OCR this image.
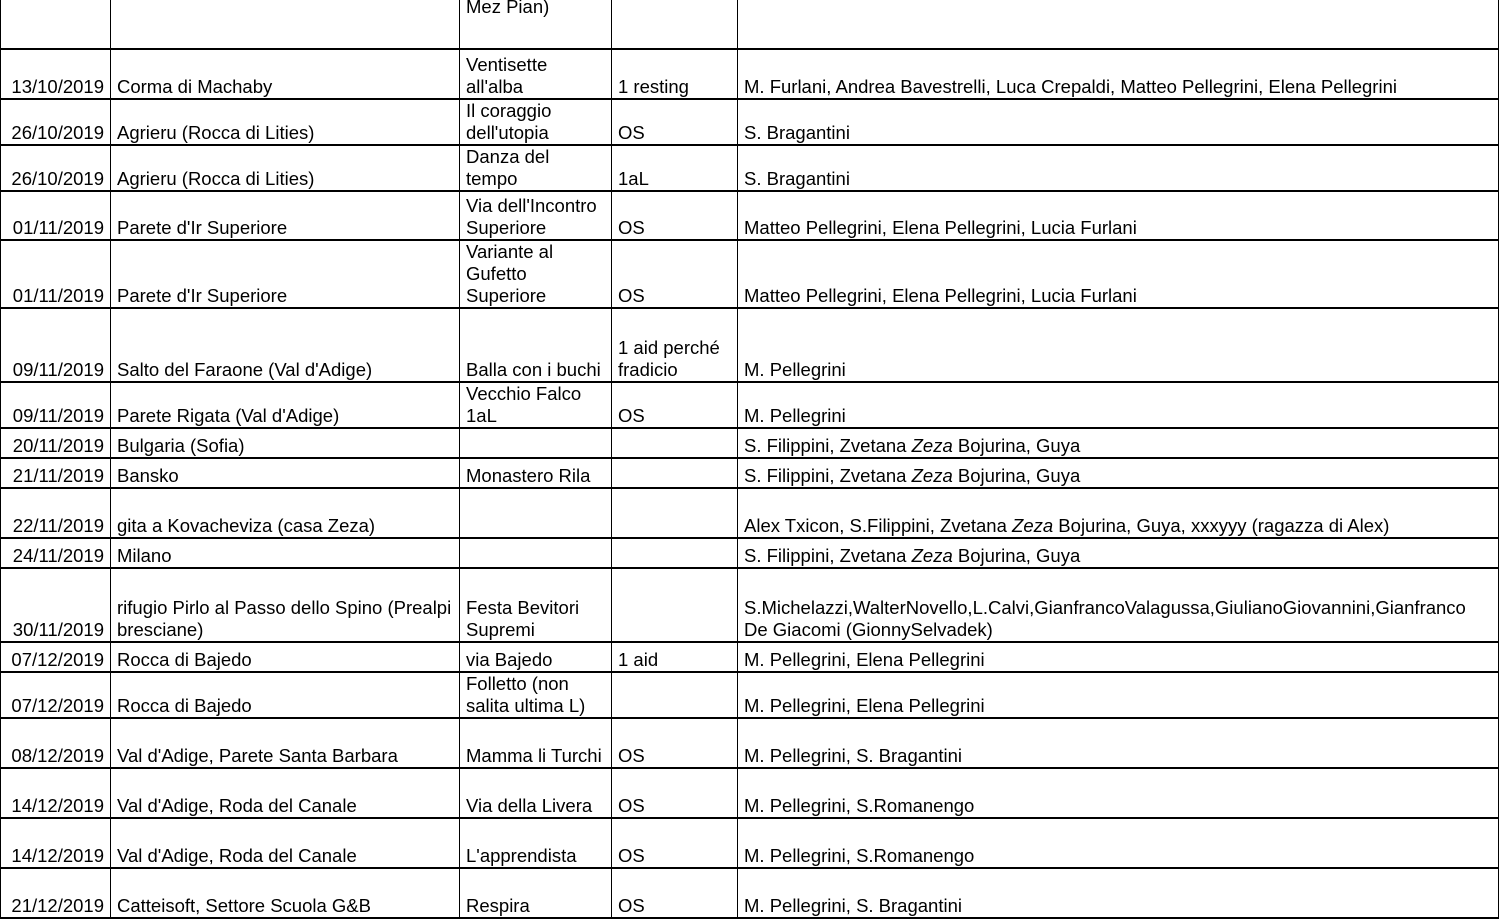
		Mez Pian)		
13/10/2019	Corma di Machaby	Ventisette all'alba	1 resting	M. Furlani, Andrea Bavestrelli, Luca Crepaldi, Matteo Pellegrini, Elena Pellegrini
26/10/2019	Agrieru (Rocca di Lities)	Il coraggio dell'utopia	OS	S. Bragantini
26/10/2019	Agrieru (Rocca di Lities)	Danza del tempo	1aL	S. Bragantini
01/11/2019	Parete d'Ir Superiore	Via dell'Incontro Superiore	OS	Matteo Pellegrini, Elena Pellegrini, Lucia Furlani
01/11/2019	Parete d'Ir Superiore	Variante al Gufetto Superiore	OS	Matteo Pellegrini, Elena Pellegrini, Lucia Furlani
09/11/2019	Salto del Faraone (Val d'Adige)	Balla con i buchi	1 aid perché fradicio	M. Pellegrini
09/11/2019	Parete Rigata (Val d'Adige)	Vecchio Falco 1aL	OS	M. Pellegrini
20/11/2019	Bulgaria (Sofia)			S. Filippini, Zvetana Zeza Bojurina, Guya
21/11/2019	Bansko	Monastero Rila		S. Filippini, Zvetana Zeza Bojurina, Guya
22/11/2019	gita a Kovacheviza (casa Zeza)			Alex Txicon, S.Filippini, Zvetana Zeza Bojurina, Guya, xxxyyy (ragazza di Alex)
24/11/2019	Milano			S. Filippini, Zvetana Zeza Bojurina, Guya
30/11/2019	rifugio Pirlo al Passo dello Spino (Prealpi bresciane)	Festa Bevitori Supremi		S.Michelazzi,WalterNovello,L.Calvi,GianfrancoValagussa,GiulianoGiovannini,Gianfranco
De Giacomi (GionnySelvadek)

07/12/2019	Rocca di Bajedo	via Bajedo	1 aid	M. Pellegrini, Elena Pellegrini
07/12/2019	Rocca di Bajedo	Folletto (non salita ultima L)		M. Pellegrini, Elena Pellegrini
08/12/2019	Val d'Adige, Parete Santa Barbara	Mamma li Turchi	OS	M. Pellegrini, S. Bragantini
14/12/2019	Val d'Adige, Roda del Canale	Via della Livera	OS	M. Pellegrini, S.Romanengo
14/12/2019	Val d'Adige, Roda del Canale	L'apprendista	OS	M. Pellegrini, S.Romanengo
21/12/2019	Catteisoft, Settore Scuola G&B	Respira	OS	M. Pellegrini, S. Bragantini
